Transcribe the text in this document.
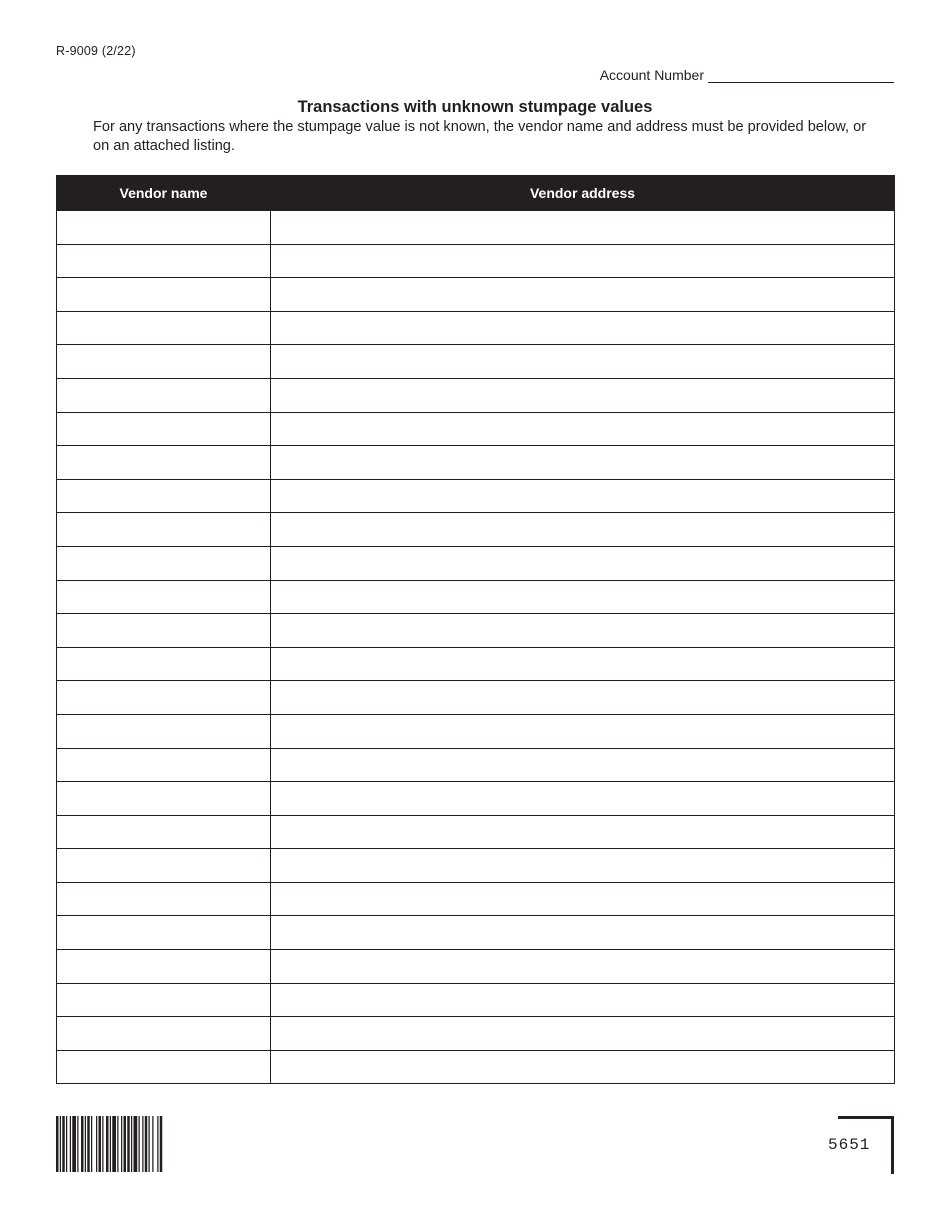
R-9009 (2/22)
Account Number
Transactions with unknown stumpage values
For any transactions where the stumpage value is not known, the vendor name and address must be provided below, or on an attached listing.
Vendor name	Vendor address

5651
